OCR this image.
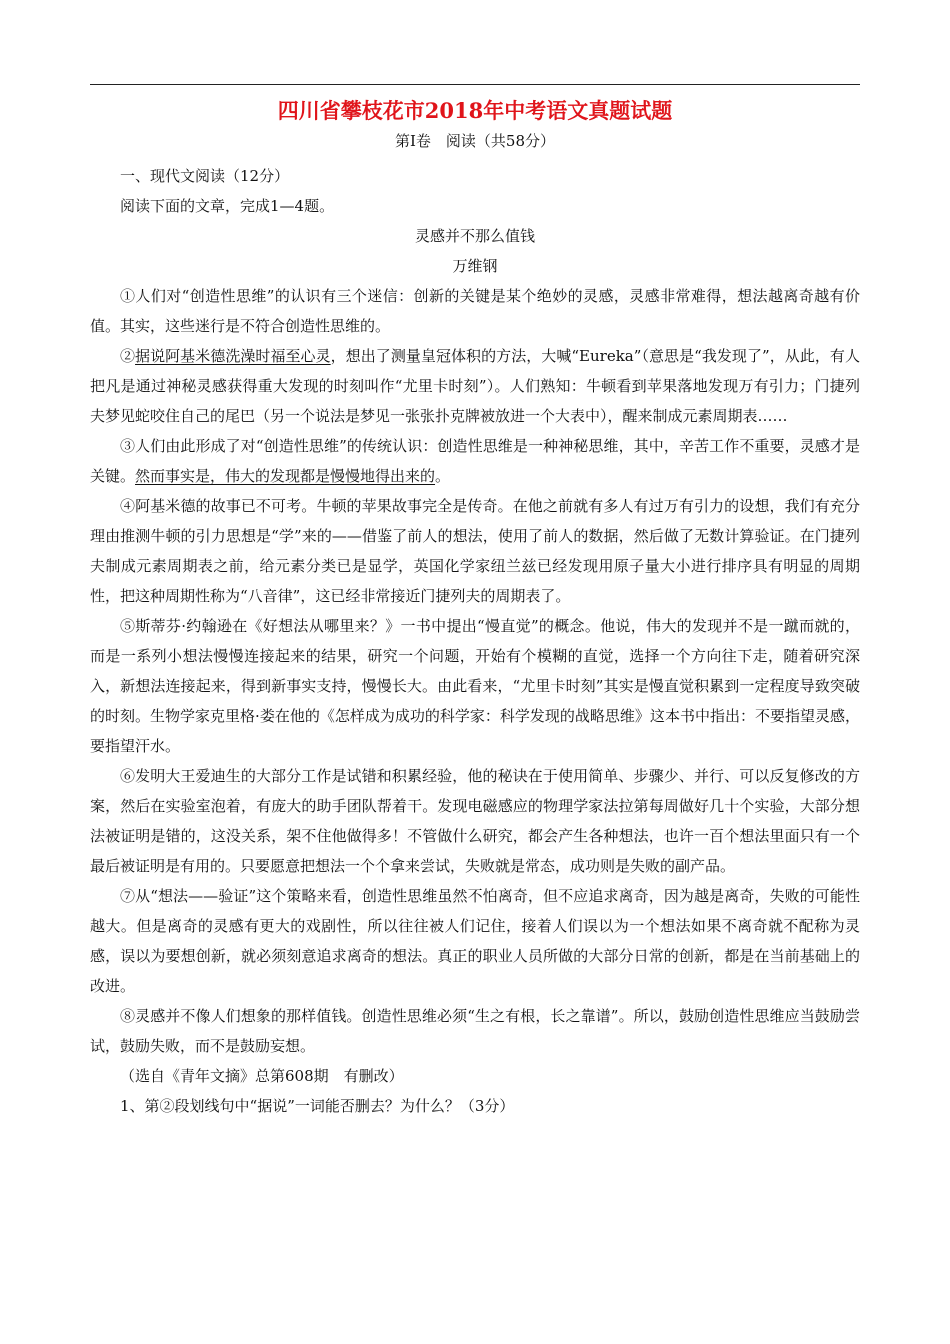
四川省攀枝花市2018年中考语文真题试题
第Ⅰ卷　阅读（共58分）

一、现代文阅读（12分）

阅读下面的文章，完成1—4题。

灵感并不那么值钱

万维钢

①人们对“创造性思维”的认识有三个迷信：创新的关键是某个绝妙的灵感，灵感非常难得，想法越离奇越有价值。其实，这些迷行是不符合创造性思维的。

②据说阿基米德洗澡时福至心灵，想出了测量皇冠体积的方法，大喊“Eureka”（意思是“我发现了”，从此，有人把凡是通过神秘灵感获得重大发现的时刻叫作“尤里卡时刻”）。人们熟知：牛顿看到苹果落地发现万有引力；门捷列夫梦见蛇咬住自己的尾巴（另一个说法是梦见一张张扑克牌被放进一个大表中），醒来制成元素周期表……

③人们由此形成了对“创造性思维”的传统认识：创造性思维是一种神秘思维，其中，辛苦工作不重要，灵感才是关键。然而事实是，伟大的发现都是慢慢地得出来的。

④阿基米德的故事已不可考。牛顿的苹果故事完全是传奇。在他之前就有多人有过万有引力的设想，我们有充分理由推测牛顿的引力思想是“学”来的——借鉴了前人的想法，使用了前人的数据，然后做了无数计算验证。在门捷列夫制成元素周期表之前，给元素分类已是显学，英国化学家纽兰兹已经发现用原子量大小进行排序具有明显的周期性，把这种周期性称为“八音律”，这已经非常接近门捷列夫的周期表了。

⑤斯蒂芬·约翰逊在《好想法从哪里来？》一书中提出“慢直觉”的概念。他说，伟大的发现并不是一蹴而就的，而是一系列小想法慢慢连接起来的结果，研究一个问题，开始有个模糊的直觉，选择一个方向往下走，随着研究深入，新想法连接起来，得到新事实支持，慢慢长大。由此看来，“尤里卡时刻”其实是慢直觉积累到一定程度导致突破的时刻。生物学家克里格·娄在他的《怎样成为成功的科学家：科学发现的战略思维》这本书中指出：不要指望灵感，要指望汗水。

⑥发明大王爱迪生的大部分工作是试错和积累经验，他的秘诀在于使用简单、步骤少、并行、可以反复修改的方案，然后在实验室泡着，有庞大的助手团队帮着干。发现电磁感应的物理学家法拉第每周做好几十个实验，大部分想法被证明是错的，这没关系，架不住他做得多！不管做什么研究，都会产生各种想法，也许一百个想法里面只有一个最后被证明是有用的。只要愿意把想法一个个拿来尝试，失败就是常态，成功则是失败的副产品。

⑦从“想法——验证”这个策略来看，创造性思维虽然不怕离奇，但不应追求离奇，因为越是离奇，失败的可能性越大。但是离奇的灵感有更大的戏剧性，所以往往被人们记住，接着人们误以为一个想法如果不离奇就不配称为灵感，误以为要想创新，就必须刻意追求离奇的想法。真正的职业人员所做的大部分日常的创新，都是在当前基础上的改进。

⑧灵感并不像人们想象的那样值钱。创造性思维必须“生之有根，长之靠谱”。所以，鼓励创造性思维应当鼓励尝试，鼓励失败，而不是鼓励妄想。

（选自《青年文摘》总第608期　有删改）

1、第②段划线句中“据说”一词能否删去？为什么？（3分）
